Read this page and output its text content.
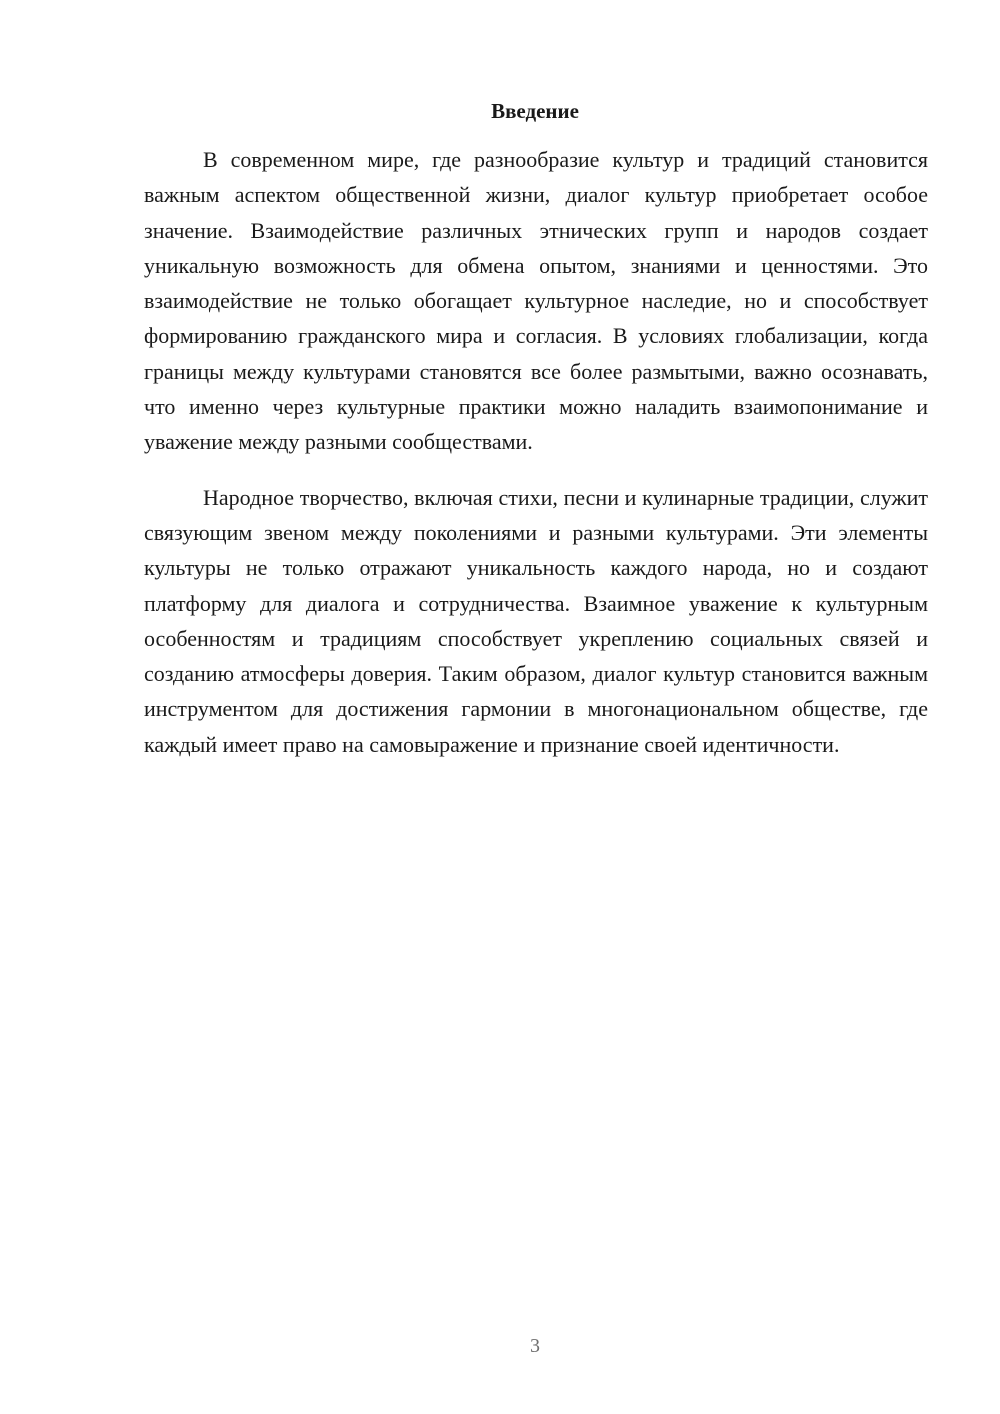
Введение

В современном мире, где разнообразие культур и традиций становится важным аспектом общественной жизни, диалог культур приобретает особое значение. Взаимодействие различных этнических групп и народов создает уникальную возможность для обмена опытом, знаниями и ценностями. Это взаимодействие не только обогащает культурное наследие, но и способствует формированию гражданского мира и согласия. В условиях глобализации, когда границы между культурами становятся все более размытыми, важно осознавать, что именно через культурные практики можно наладить взаимопонимание и уважение между разными сообществами.

Народное творчество, включая стихи, песни и кулинарные традиции, служит связующим звеном между поколениями и разными культурами. Эти элементы культуры не только отражают уникальность каждого народа, но и создают платформу для диалога и сотрудничества. Взаимное уважение к культурным особенностям и традициям способствует укреплению социальных связей и созданию атмосферы доверия. Таким образом, диалог культур становится важным инструментом для достижения гармонии в многонациональном обществе, где каждый имеет право на самовыражение и признание своей идентичности.

3
